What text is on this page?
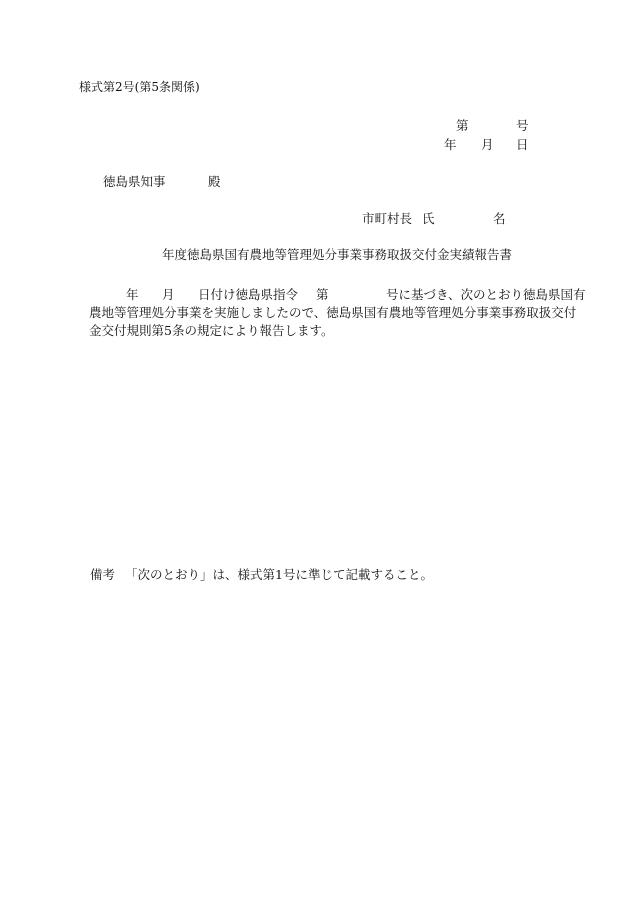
様式第2号(第5条関係)
第	号
年 月 日
徳島県知事	殿
市町村長 氏	名
年度徳島県国有農地等管理処分事業事務取扱交付金実績報告書
年 月 日付け徳島県指令 第	号に基づき、次のとおり徳島県国有
農地等管理処分事業を実施しましたので、徳島県国有農地等管理処分事業事務取扱交付
金交付規則第5条の規定により報告します。
備考 「次のとおり」は、様式第1号に準じて記載すること。
